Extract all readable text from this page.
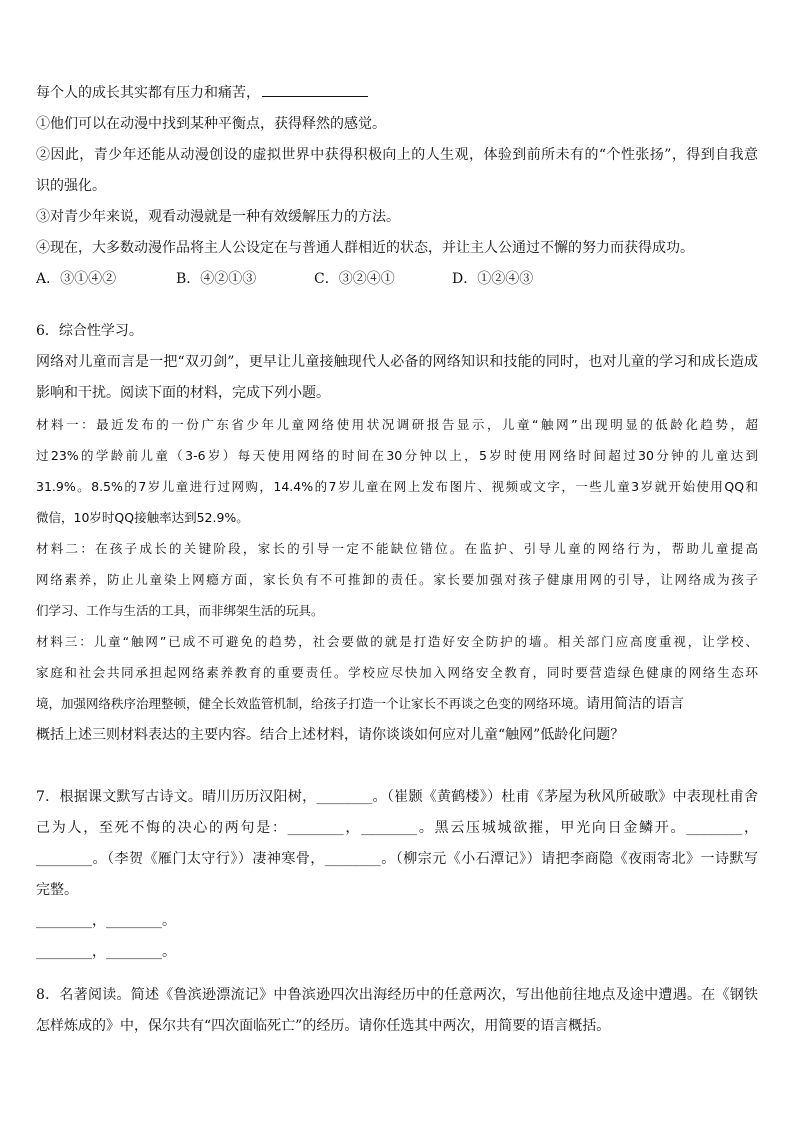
每个人的成长其实都有压力和痛苦，
①他们可以在动漫中找到某种平衡点，获得释然的感觉。
②因此，青少年还能从动漫创设的虚拟世界中获得积极向上的人生观，体验到前所未有的“个性张扬”，得到自我意
识的强化。
③对青少年来说，观看动漫就是一种有效缓解压力的方法。
④现在，大多数动漫作品将主人公设定在与普通人群相近的状态，并让主人公通过不懈的努力而获得成功。
A．③①④②	B．④②①③	C．③②④①	D．①②④③
6．综合性学习。
网络对儿童而言是一把“双刃剑”，更早让儿童接触现代人必备的网络知识和技能的同时，也对儿童的学习和成长造成
影响和干扰。阅读下面的材料，完成下列小题。
材料一：最近发布的一份广东省少年儿童网络使用状况调研报告显示，儿童“触网”出现明显的低龄化趋势，超
过23%的学龄前儿童（3-6岁）每天使用网络的时间在30分钟以上，5岁时使用网络时间超过30分钟的儿童达到
31.9%。8.5%的7岁儿童进行过网购，14.4%的7岁儿童在网上发布图片、视频或文字，一些儿童3岁就开始使用QQ和
微信，10岁时QQ接触率达到52.9%。
材料二：在孩子成长的关键阶段，家长的引导一定不能缺位错位。在监护、引导儿童的网络行为，帮助儿童提高
网络素养，防止儿童染上网瘾方面，家长负有不可推卸的责任。家长要加强对孩子健康用网的引导，让网络成为孩子
们学习、工作与生活的工具，而非绑架生活的玩具。
材料三：儿童“触网”已成不可避免的趋势，社会要做的就是打造好安全防护的墙。相关部门应高度重视，让学校、
家庭和社会共同承担起网络素养教育的重要责任。学校应尽快加入网络安全教育，同时要营造绿色健康的网络生态环
境，加强网络秩序治理整顿，健全长效监管机制，给孩子打造一个让家长不再谈之色变的网络环境。请用简洁的语言
概括上述三则材料表达的主要内容。结合上述材料，请你谈谈如何应对儿童“触网”低龄化问题？
7．根据课文默写古诗文。晴川历历汉阳树，________。（崔颢《黄鹤楼》）杜甫《茅屋为秋风所破歌》中表现杜甫舍
己为人，至死不悔的决心的两句是：________，________。黑云压城城欲摧，甲光向日金鳞开。________，
________。（李贺《雁门太守行》）凄神寒骨，________。（柳宗元《小石潭记》）请把李商隐《夜雨寄北》一诗默写
完整。
________，________。
________，________。
8．名著阅读。简述《鲁滨逊漂流记》中鲁滨逊四次出海经历中的任意两次，写出他前往地点及途中遭遇。在《钢铁
怎样炼成的》中，保尔共有“四次面临死亡”的经历。请你任选其中两次，用简要的语言概括。
